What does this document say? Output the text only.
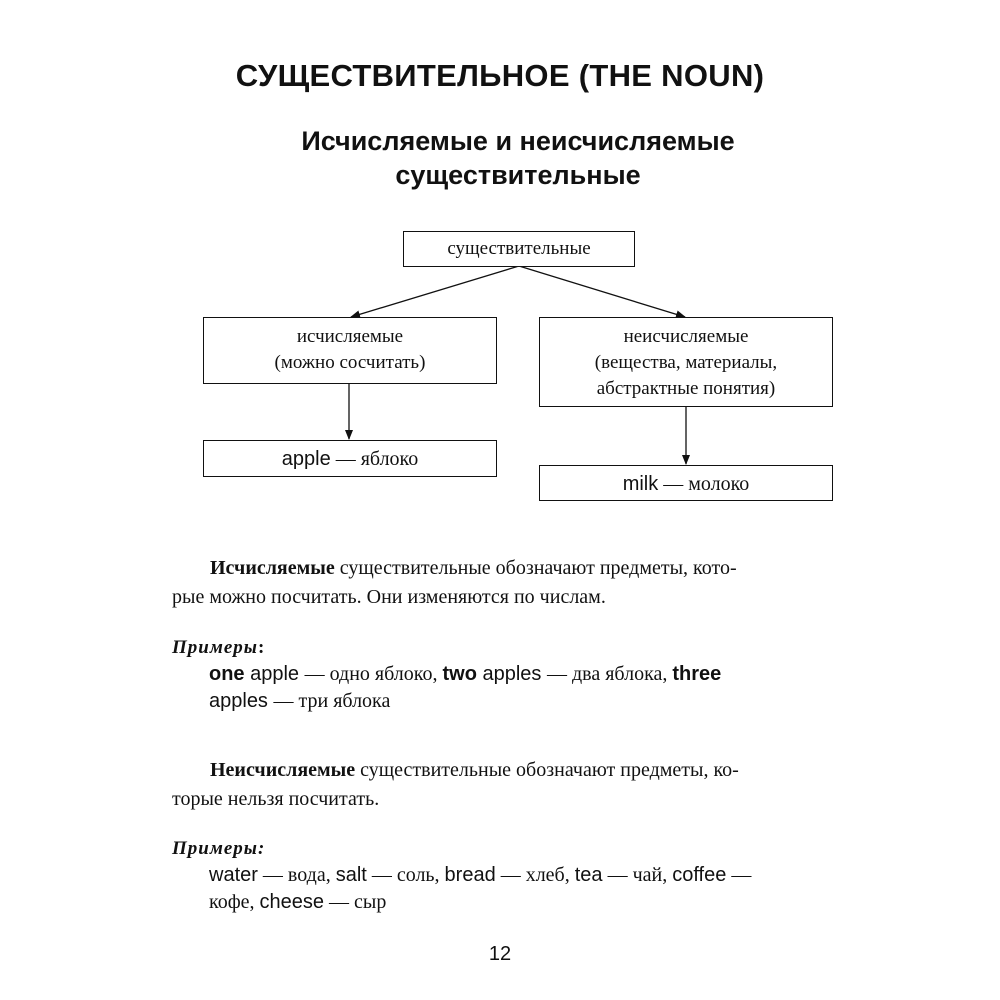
СУЩЕСТВИТЕЛЬНОЕ (THE NOUN)
Исчисляемые и неисчисляемые
существительные
существительные
исчисляемые
(можно сосчитать)
неисчисляемые
(вещества, материалы,
абстрактные понятия)
apple — яблоко
milk — молоко
Исчисляемые существительные обозначают предметы, кото-
рые можно посчитать. Они изменяются по числам.
Примеры:
one apple — одно яблоко, two apples — два яблока, three
apples — три яблока
Неисчисляемые существительные обозначают предметы, ко-
торые нельзя посчитать.
Примеры:
water — вода, salt — соль, bread — хлеб, tea — чай, coffee —
кофе, cheese — сыр
12
